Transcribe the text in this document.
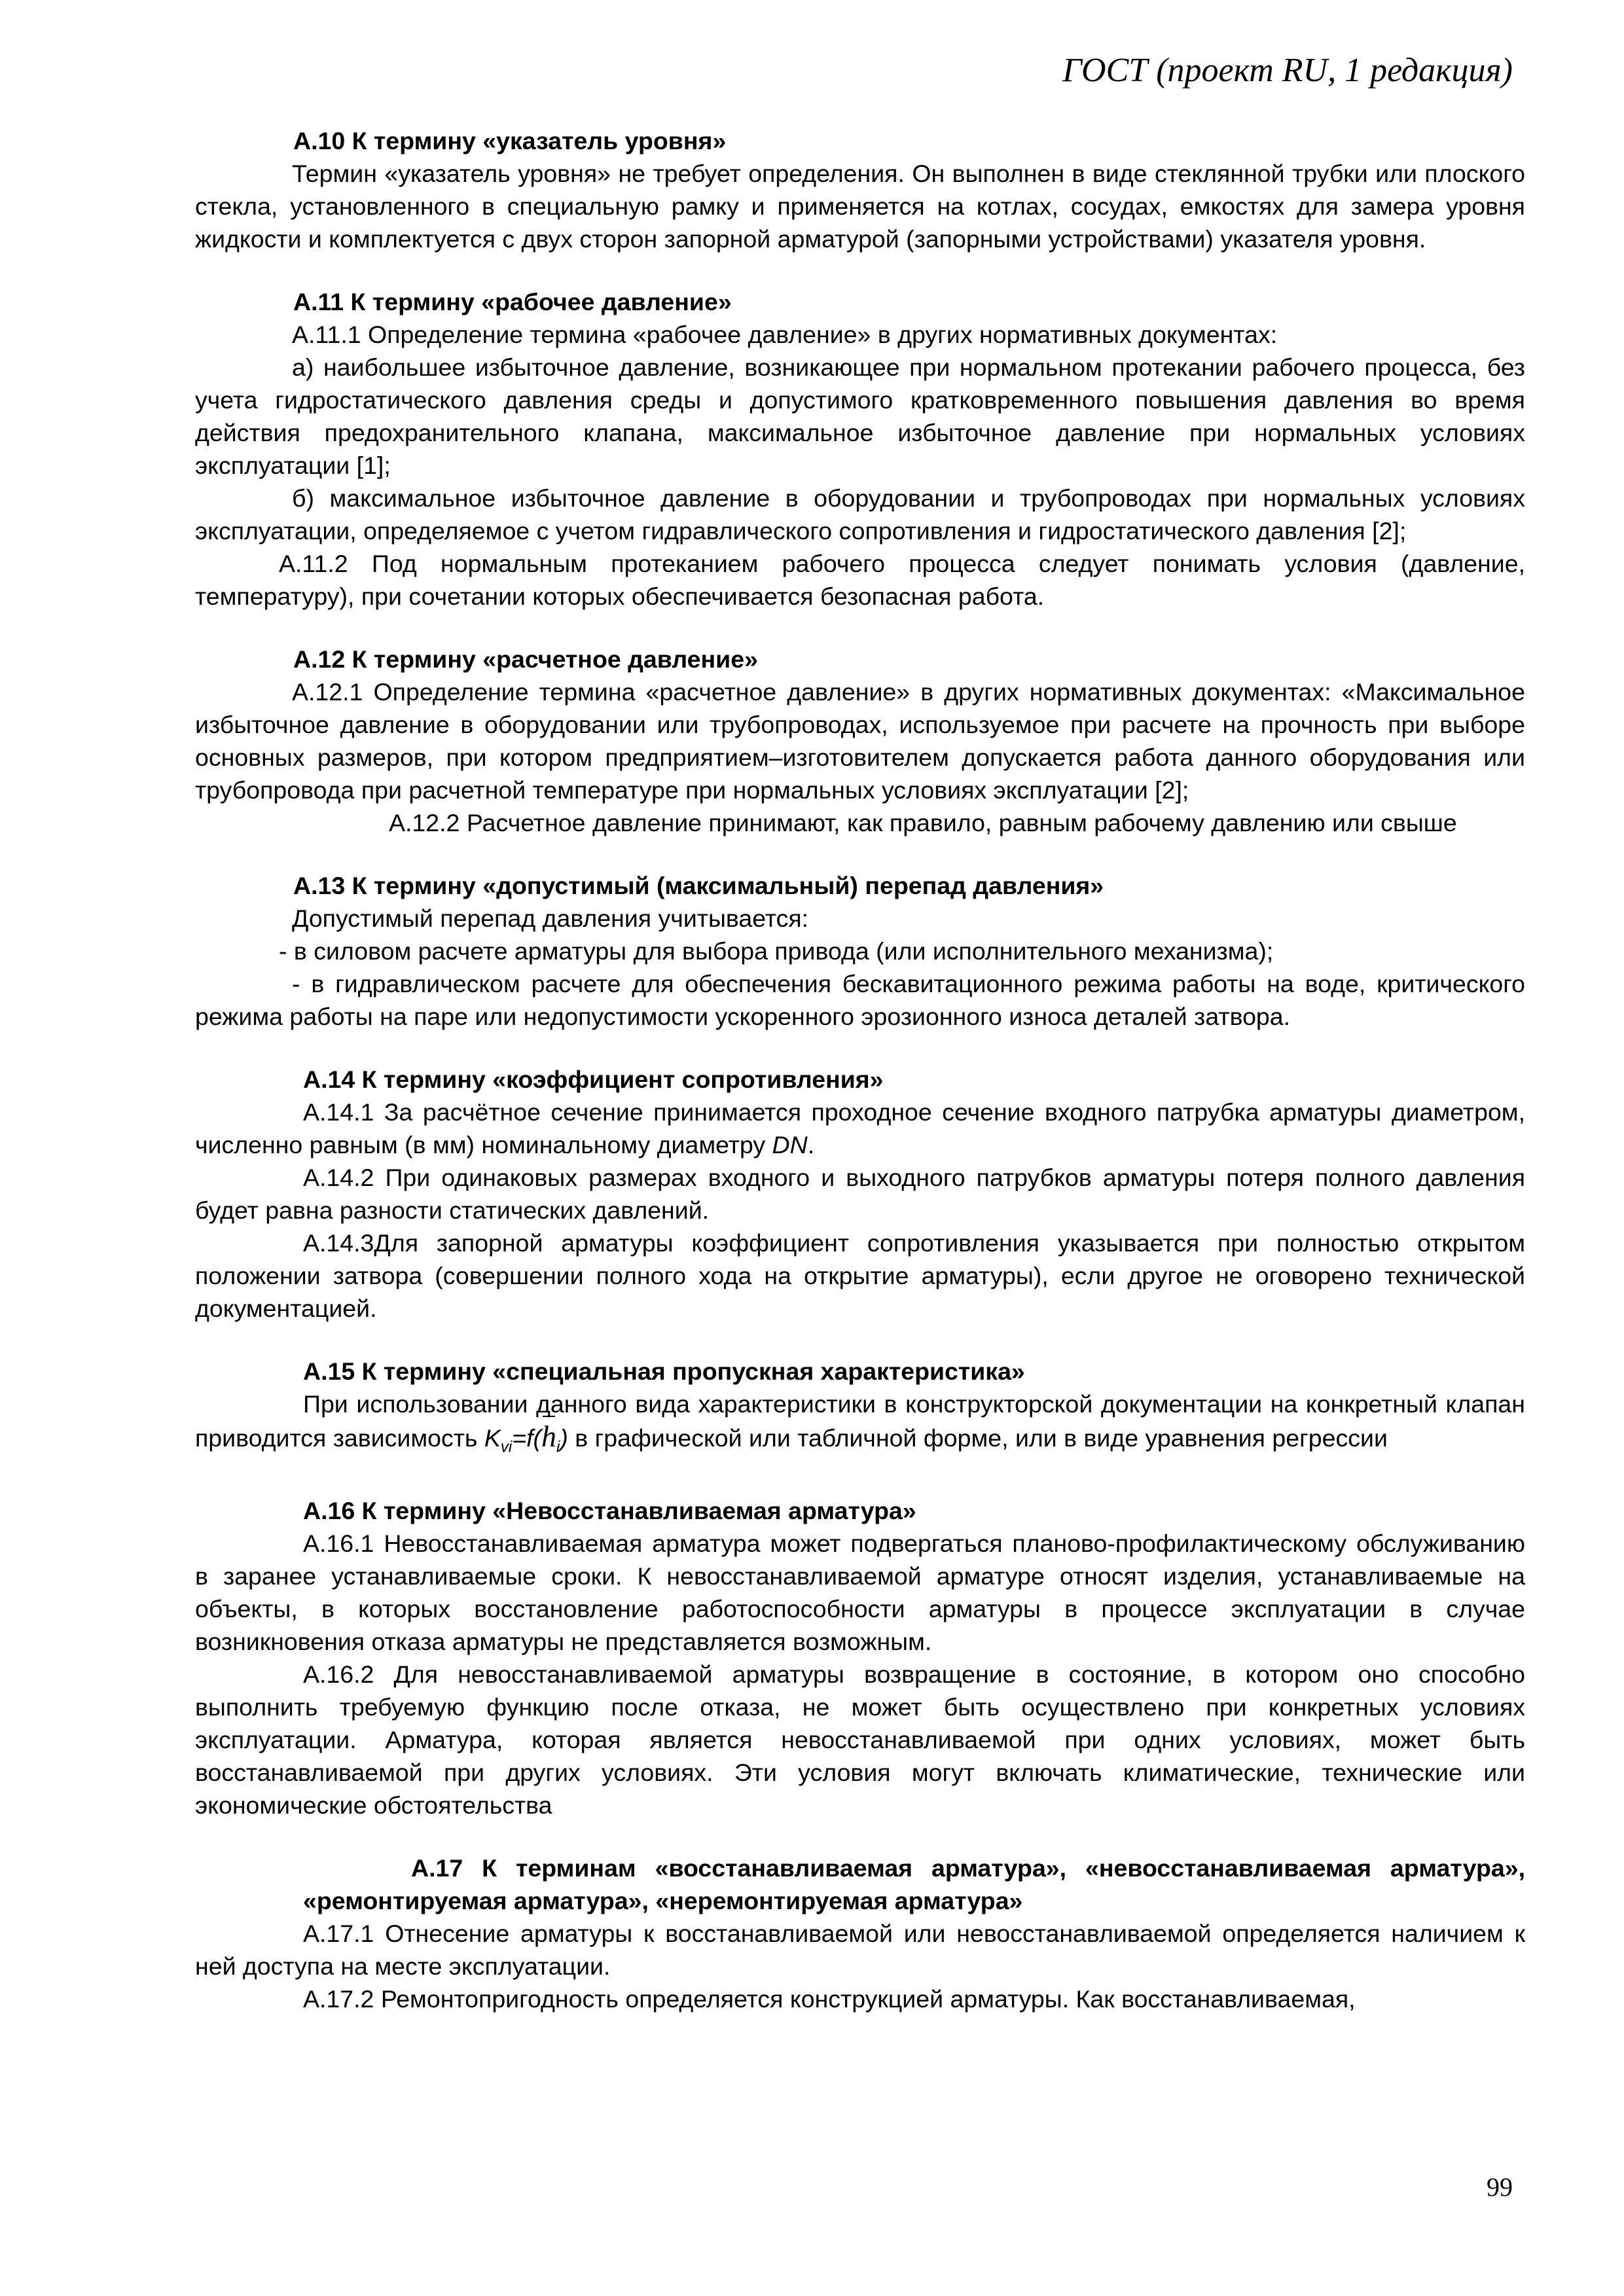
ГОСТ (проект RU, 1 редакция)
А.10 К термину «указатель уровня»
Термин «указатель уровня» не требует определения. Он выполнен в виде стеклянной трубки или плоского стекла, установленного в специальную рамку и применяется на котлах, сосудах, емкостях для замера уровня жидкости и комплектуется с двух сторон запорной арматурой (запорными устройствами) указателя уровня.
А.11 К термину «рабочее давление»
А.11.1 Определение термина «рабочее давление» в других нормативных документах:
а) наибольшее избыточное давление, возникающее при нормальном протекании рабочего процесса, без учета гидростатического давления среды и допустимого кратковременного повышения давления во время действия предохранительного клапана, максимальное избыточное давление при нормальных условиях эксплуатации [1];
б) максимальное избыточное давление в оборудовании и трубопроводах при нормальных условиях эксплуатации, определяемое с учетом гидравлического сопротивления и гидростатического давления [2];
А.11.2 Под нормальным протеканием рабочего процесса следует понимать условия (давление, температуру), при сочетании которых обеспечивается безопасная работа.
А.12 К термину «расчетное давление»
А.12.1 Определение термина «расчетное давление» в других нормативных документах: «Максимальное избыточное давление в оборудовании или трубопроводах, используемое при расчете на прочность при выборе основных размеров, при котором предприятием–изготовителем допускается работа данного оборудования или трубопровода при расчетной температуре при нормальных условиях эксплуатации [2];
А.12.2 Расчетное давление принимают, как правило, равным рабочему давлению или свыше
А.13 К термину «допустимый (максимальный) перепад давления»
Допустимый перепад давления учитывается:
- в силовом расчете арматуры для выбора привода (или исполнительного механизма);
- в гидравлическом расчете для обеспечения бескавитационного режима работы на воде, критического режима работы на паре или недопустимости ускоренного эрозионного износа деталей затвора.
А.14 К термину «коэффициент сопротивления»
А.14.1 За расчётное сечение принимается проходное сечение входного патрубка арматуры диаметром, численно равным (в мм) номинальному диаметру DN.
А.14.2 При одинаковых размерах входного и выходного патрубков арматуры потеря полного давления будет равна разности статических давлений.
А.14.3Для запорной арматуры коэффициент сопротивления указывается при полностью открытом положении затвора (совершении полного хода на открытие арматуры), если другое не оговорено технической документацией.
А.15 К термину «специальная пропускная характеристика»
При использовании данного вида характеристики в конструкторской документации на конкретный клапан приводится зависимость $K_{vi}=f(h_i)$ в графической или табличной форме, или в виде уравнения регрессии
А.16 К термину «Невосстанавливаемая арматура»
А.16.1 Невосстанавливаемая арматура может подвергаться планово-профилактическому обслуживанию в заранее устанавливаемые сроки. К невосстанавливаемой арматуре относят изделия, устанавливаемые на объекты, в которых восстановление работоспособности арматуры в процессе эксплуатации в случае возникновения отказа арматуры не представляется возможным.
А.16.2 Для невосстанавливаемой арматуры возвращение в состояние, в котором оно способно выполнить требуемую функцию после отказа, не может быть осуществлено при конкретных условиях эксплуатации. Арматура, которая является невосстанавливаемой при одних условиях, может быть восстанавливаемой при других условиях. Эти условия могут включать климатические, технические или экономические обстоятельства
А.17 К терминам «восстанавливаемая арматура», «невосстанавливаемая арматура», «ремонтируемая арматура», «неремонтируемая арматура»
А.17.1 Отнесение арматуры к восстанавливаемой или невосстанавливаемой определяется наличием к ней доступа на месте эксплуатации.
А.17.2 Ремонтопригодность определяется конструкцией арматуры. Как восстанавливаемая,
99
